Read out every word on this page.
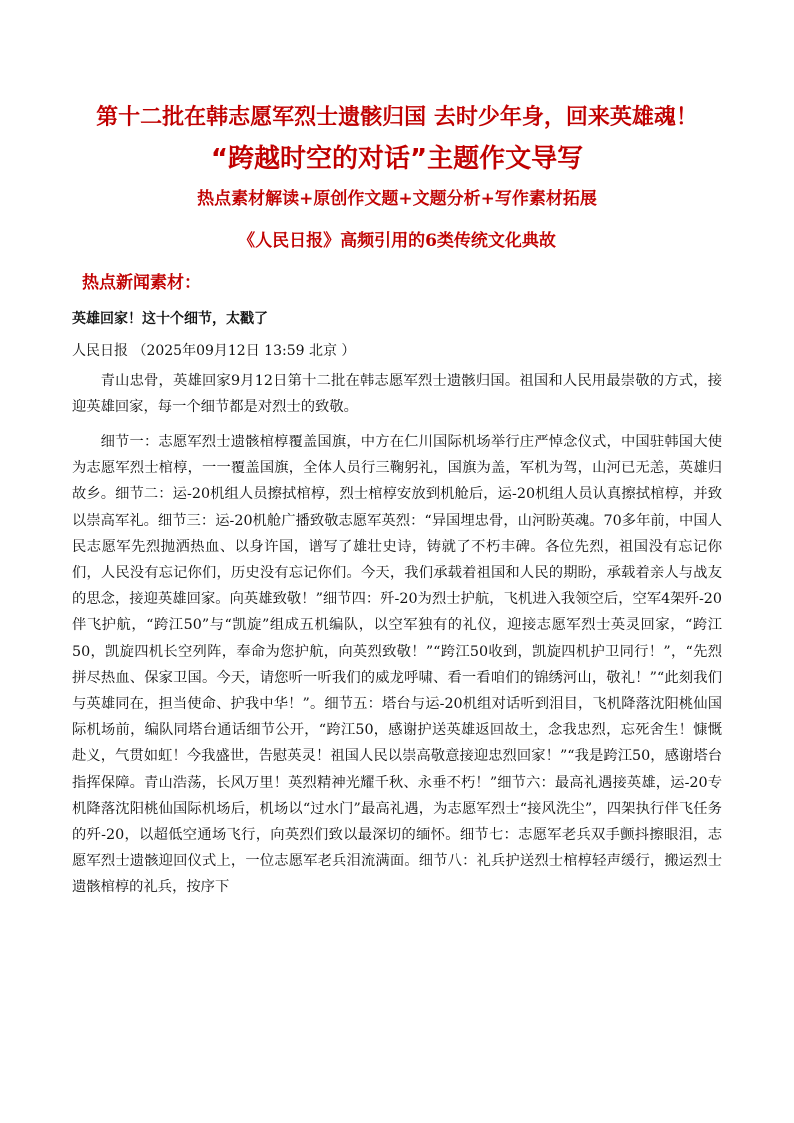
第十二批在韩志愿军烈士遗骸归国 去时少年身，回来英雄魂！
“跨越时空的对话”主题作文导写
热点素材解读+原创作文题+文题分析+写作素材拓展
《人民日报》高频引用的6类传统文化典故
热点新闻素材：
英雄回家！这十个细节，太戳了
人民日报 （2025年09月12日 13:59 北京 ）

青山忠骨，英雄回家9月12日第十二批在韩志愿军烈士遗骸归国。祖国和人民用最崇敬的方式，接迎英雄回家，每一个细节都是对烈士的致敬。

细节一：志愿军烈士遗骸棺椁覆盖国旗，中方在仁川国际机场举行庄严悼念仪式，中国驻韩国大使为志愿军烈士棺椁，一一覆盖国旗，全体人员行三鞠躬礼，国旗为盖，军机为驾，山河已无恙，英雄归故乡。细节二：运-20机组人员擦拭棺椁，烈士棺椁安放到机舱后，运-20机组人员认真擦拭棺椁，并致以崇高军礼。细节三：运-20机舱广播致敬志愿军英烈：“异国埋忠骨，山河盼英魂。70多年前，中国人民志愿军先烈抛洒热血、以身许国，谱写了雄壮史诗，铸就了不朽丰碑。各位先烈，祖国没有忘记你们，人民没有忘记你们，历史没有忘记你们。今天，我们承载着祖国和人民的期盼，承载着亲人与战友的思念，接迎英雄回家。向英雄致敬！”细节四：歼-20为烈士护航，飞机进入我领空后，空军4架歼-20伴飞护航，“跨江50”与“凯旋”组成五机编队，以空军独有的礼仪，迎接志愿军烈士英灵回家，“跨江50，凯旋四机长空列阵，奉命为您护航，向英烈致敬！”“跨江50收到，凯旋四机护卫同行！”，“先烈拼尽热血、保家卫国。今天，请您听一听我们的威龙呼啸、看一看咱们的锦绣河山，敬礼！”“此刻我们与英雄同在，担当使命、护我中华！”。细节五：塔台与运-20机组对话听到泪目，飞机降落沈阳桃仙国际机场前，编队同塔台通话细节公开，“跨江50，感谢护送英雄返回故土，念我忠烈，忘死舍生！慷慨赴义，气贯如虹！今我盛世，告慰英灵！祖国人民以崇高敬意接迎忠烈回家！”“我是跨江50，感谢塔台指挥保障。青山浩荡，长风万里！英烈精神光耀千秋、永垂不朽！”细节六：最高礼遇接英雄，运-20专机降落沈阳桃仙国际机场后，机场以“过水门”最高礼遇，为志愿军烈士“接风洗尘”，四架执行伴飞任务的歼-20，以超低空通场飞行，向英烈们致以最深切的缅怀。细节七：志愿军老兵双手颤抖擦眼泪，志愿军烈士遗骸迎回仪式上，一位志愿军老兵泪流满面。细节八：礼兵护送烈士棺椁轻声缓行，搬运烈士遗骸棺椁的礼兵，按序下
